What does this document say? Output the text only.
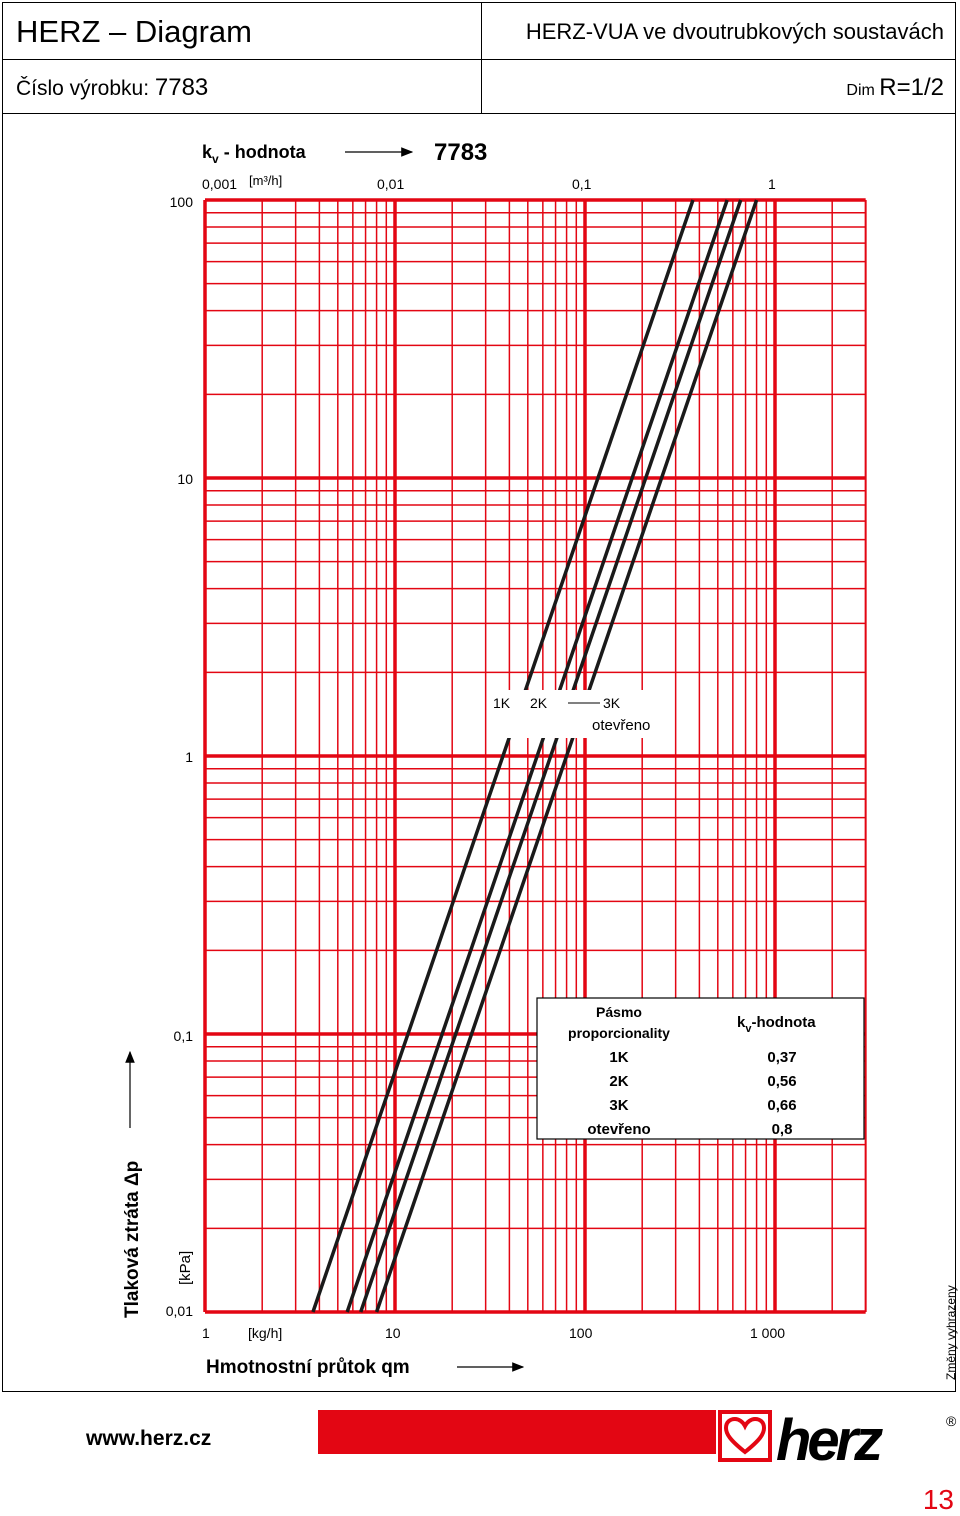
HERZ – Diagram	HERZ-VUA ve dvoutrubkových soustavách
Číslo výrobku: 7783	Dim R=1/2
$k_v$ - hodnota	7783
0,001 [m³/h]	0,01	0,1	1
100
10
1
0,1
0,01
[kPa]
Tlaková ztráta Δp
1	[kg/h]	10	100	1 000
Hmotnostní průtok qm
1K 2K	3K
otevřeno
Pásmo
proporcionality
$k_v$-hodnota
1K	0,37
2K	0,56
3K	0,66
otevřeno	0,8
www.herz.cz	herz	®
13
Změny vyhrazeny
